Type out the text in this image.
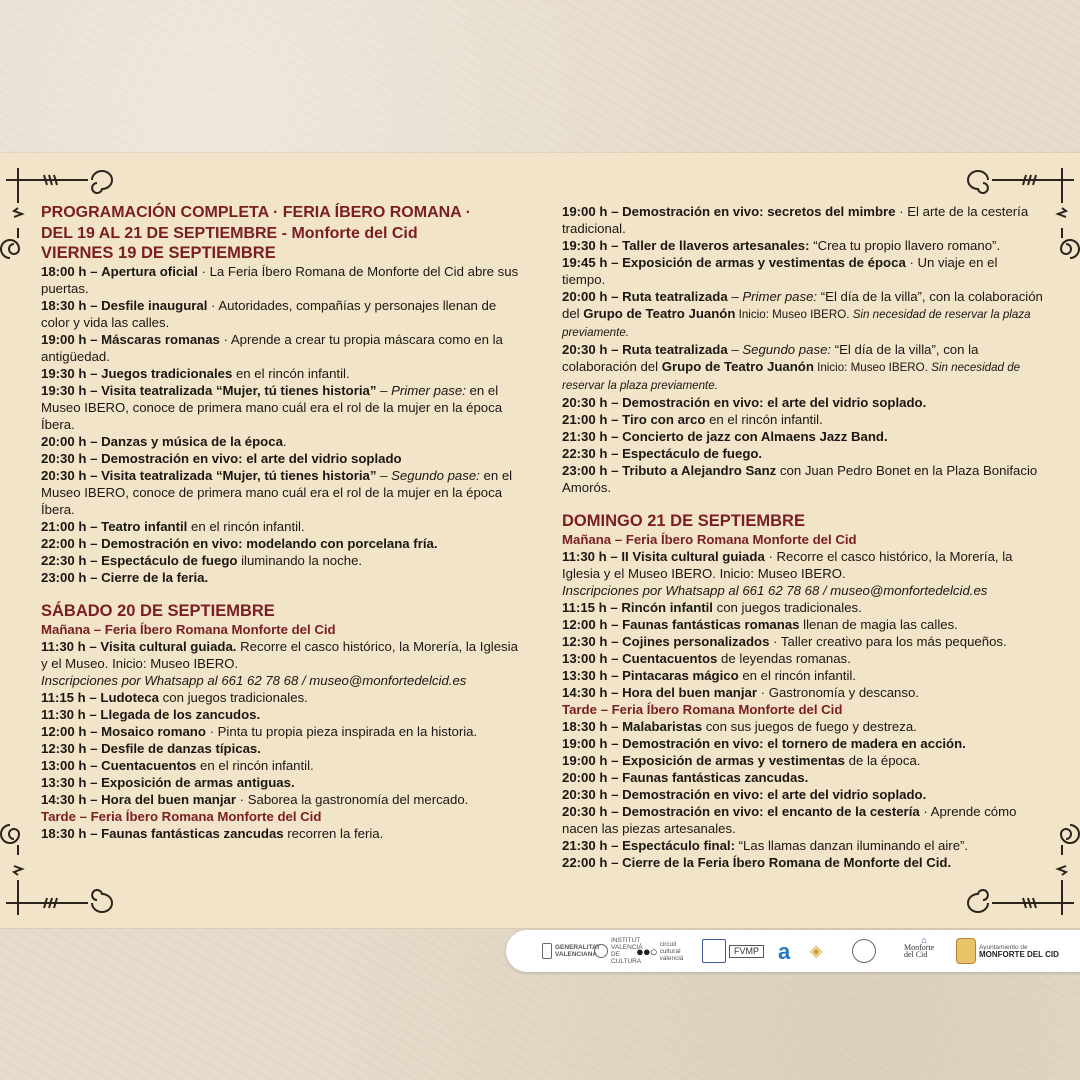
PROGRAMACIÓN COMPLETA · FERIA ÍBERO ROMANA ·
DEL 19 AL 21 DE SEPTIEMBRE - Monforte del Cid

VIERNES 19 DE SEPTIEMBRE

18:00 h – Apertura oficial · La Feria Íbero Romana de Monforte del Cid abre sus puertas.

18:30 h – Desfile inaugural · Autoridades, compañías y personajes llenan de color y vida las calles.

19:00 h – Máscaras romanas · Aprende a crear tu propia máscara como en la antigüedad.

19:30 h – Juegos tradicionales en el rincón infantil.

19:30 h – Visita teatralizada “Mujer, tú tienes historia” – Primer pase: en el Museo IBERO, conoce de primera mano cuál era el rol de la mujer en la época Íbera.

20:00 h – Danzas y música de la época.

20:30 h – Demostración en vivo: el arte del vidrio soplado

20:30 h – Visita teatralizada “Mujer, tú tienes historia” – Segundo pase: en el Museo IBERO, conoce de primera mano cuál era el rol de la mujer en la época Íbera.

21:00 h – Teatro infantil en el rincón infantil.

22:00 h – Demostración en vivo: modelando con porcelana fría.

22:30 h – Espectáculo de fuego iluminando la noche.

23:00 h – Cierre de la feria.

SÁBADO 20 DE SEPTIEMBRE

Mañana – Feria Íbero Romana Monforte del Cid

11:30 h – Visita cultural guiada. Recorre el casco histórico, la Morería, la Iglesia y el Museo. Inicio: Museo IBERO.

Inscripciones por Whatsapp al 661 62 78 68 / museo@monfortedelcid.es

11:15 h – Ludoteca con juegos tradicionales.

11:30 h – Llegada de los zancudos.

12:00 h – Mosaico romano · Pinta tu propia pieza inspirada en la historia.

12:30 h – Desfile de danzas típicas.

13:00 h – Cuentacuentos en el rincón infantil.

13:30 h – Exposición de armas antiguas.

14:30 h – Hora del buen manjar · Saborea la gastronomía del mercado.

Tarde – Feria Íbero Romana Monforte del Cid

18:30 h – Faunas fantásticas zancudas recorren la feria.

19:00 h – Demostración en vivo: secretos del mimbre · El arte de la cestería tradicional.

19:30 h – Taller de llaveros artesanales: “Crea tu propio llavero romano”.

19:45 h – Exposición de armas y vestimentas de época · Un viaje en el tiempo.

20:00 h – Ruta teatralizada – Primer pase: “El día de la villa”, con la colaboración del Grupo de Teatro Juanón Inicio: Museo IBERO. Sin necesidad de reservar la plaza previamente.

20:30 h – Ruta teatralizada – Segundo pase: “El día de la villa”, con la colaboración del Grupo de Teatro Juanón Inicio: Museo IBERO. Sin necesidad de reservar la plaza previamente.

20:30 h – Demostración en vivo: el arte del vidrio soplado.

21:00 h – Tiro con arco en el rincón infantil.

21:30 h – Concierto de jazz con Almaens Jazz Band.

22:30 h – Espectáculo de fuego.

23:00 h – Tributo a Alejandro Sanz con Juan Pedro Bonet en la Plaza Bonifacio Amorós.

DOMINGO 21 DE SEPTIEMBRE

Mañana – Feria Íbero Romana Monforte del Cid

11:30 h – II Visita cultural guiada · Recorre el casco histórico, la Morería, la Iglesia y el Museo IBERO. Inicio: Museo IBERO.

Inscripciones por Whatsapp al 661 62 78 68 / museo@monfortedelcid.es

11:15 h – Rincón infantil con juegos tradicionales.

12:00 h – Faunas fantásticas romanas llenan de magia las calles.

12:30 h – Cojines personalizados · Taller creativo para los más pequeños.

13:00 h – Cuentacuentos de leyendas romanas.

13:30 h – Pintacaras mágico en el rincón infantil.

14:30 h – Hora del buen manjar · Gastronomía y descanso.

Tarde – Feria Íbero Romana Monforte del Cid

18:30 h – Malabaristas con sus juegos de fuego y destreza.

19:00 h – Demostración en vivo: el tornero de madera en acción.

19:00 h – Exposición de armas y vestimentas de la época.

20:00 h – Faunas fantásticas zancudas.

20:30 h – Demostración en vivo: el arte del vidrio soplado.

20:30 h – Demostración en vivo: el encanto de la cestería · Aprende cómo nacen las piezas artesanales.

21:30 h – Espectáculo final: “Las llamas danzan iluminando el aire”.

22:00 h – Cierre de la Feria Íbero Romana de Monforte del Cid.

GENERALITAT VALENCIANA
INSTITUT VALENCIÀ DE CULTURA
●●○ circuit cultural valencià
FVMP a ◈
⌂
Monforte del Cid
Ayuntamiento de
MONFORTE DEL CID
